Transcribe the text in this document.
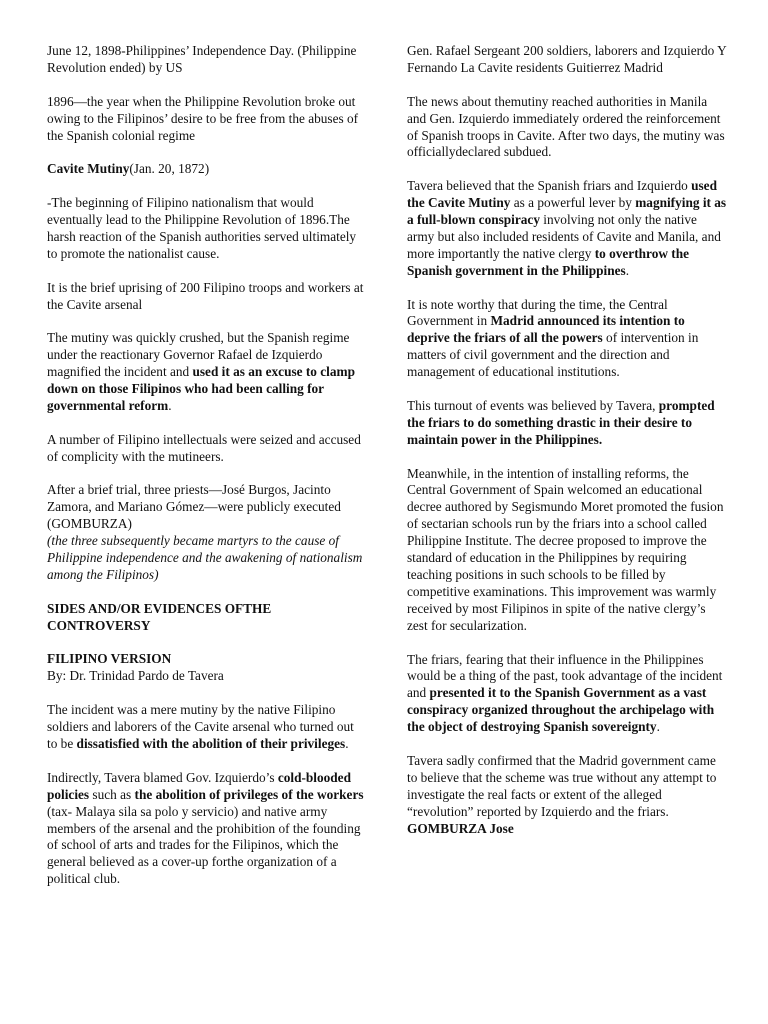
June 12, 1898-Philippines’ Independence Day. (Philippine Revolution ended) by US

1896—the year when the Philippine Revolution broke out owing to the Filipinos’ desire to be free from the abuses of the Spanish colonial regime

Cavite Mutiny(Jan. 20, 1872)

-The beginning of Filipino nationalism that would eventually lead to the Philippine Revolution of 1896.The harsh reaction of the Spanish authorities served ultimately to promote the nationalist cause.

It is the brief uprising of 200 Filipino troops and workers at the Cavite arsenal

The mutiny was quickly crushed, but the Spanish regime under the reactionary Governor Rafael de Izquierdo magnified the incident and used it as an excuse to clamp down on those Filipinos who had been calling for governmental reform.

A number of Filipino intellectuals were seized and accused of complicity with the mutineers.

After a brief trial, three priests—José Burgos, Jacinto Zamora, and Mariano Gómez—were publicly executed (GOMBURZA)

(the three subsequently became martyrs to the cause of Philippine independence and the awakening of nationalism among the Filipinos)

SIDES AND/OR EVIDENCES OFTHE CONTROVERSY

FILIPINO VERSION

By: Dr. Trinidad Pardo de Tavera

The incident was a mere mutiny by the native Filipino soldiers and laborers of the Cavite arsenal who turned out to be dissatisfied with the abolition of their privileges.

Indirectly, Tavera blamed Gov. Izquierdo’s cold-blooded policies such as the abolition of privileges of the workers (tax- Malaya sila sa polo y servicio) and native army members of the arsenal and the prohibition of the founding of school of arts and trades for the Filipinos, which the general believed as a cover-up forthe organization of a political club.

Gen. Rafael Sergeant 200 soldiers, laborers and Izquierdo Y Fernando La Cavite residents Guitierrez Madrid

The news about themutiny reached authorities in Manila and Gen. Izquierdo immediately ordered the reinforcement of Spanish troops in Cavite. After two days, the mutiny was officiallydeclared subdued.

Tavera believed that the Spanish friars and Izquierdo used the Cavite Mutiny as a powerful lever by magnifying it as a full-blown conspiracy involving not only the native army but also included residents of Cavite and Manila, and more importantly the native clergy to overthrow the Spanish government in the Philippines.

It is note worthy that during the time, the Central Government in Madrid announced its intention to deprive the friars of all the powers of intervention in matters of civil government and the direction and management of educational institutions.

This turnout of events was believed by Tavera, prompted the friars to do something drastic in their desire to maintain power in the Philippines.

Meanwhile, in the intention of installing reforms, the Central Government of Spain welcomed an educational decree authored by Segismundo Moret promoted the fusion of sectarian schools run by the friars into a school called Philippine Institute. The decree proposed to improve the standard of education in the Philippines by requiring teaching positions in such schools to be filled by competitive examinations. This improvement was warmly received by most Filipinos in spite of the native clergy’s zest for secularization.

The friars, fearing that their influence in the Philippines would be a thing of the past, took advantage of the incident and presented it to the Spanish Government as a vast conspiracy organized throughout the archipelago with the object of destroying Spanish sovereignty.

Tavera sadly confirmed that the Madrid government came to believe that the scheme was true without any attempt to investigate the real facts or extent of the alleged “revolution” reported by Izquierdo and the friars. GOMBURZA Jose
